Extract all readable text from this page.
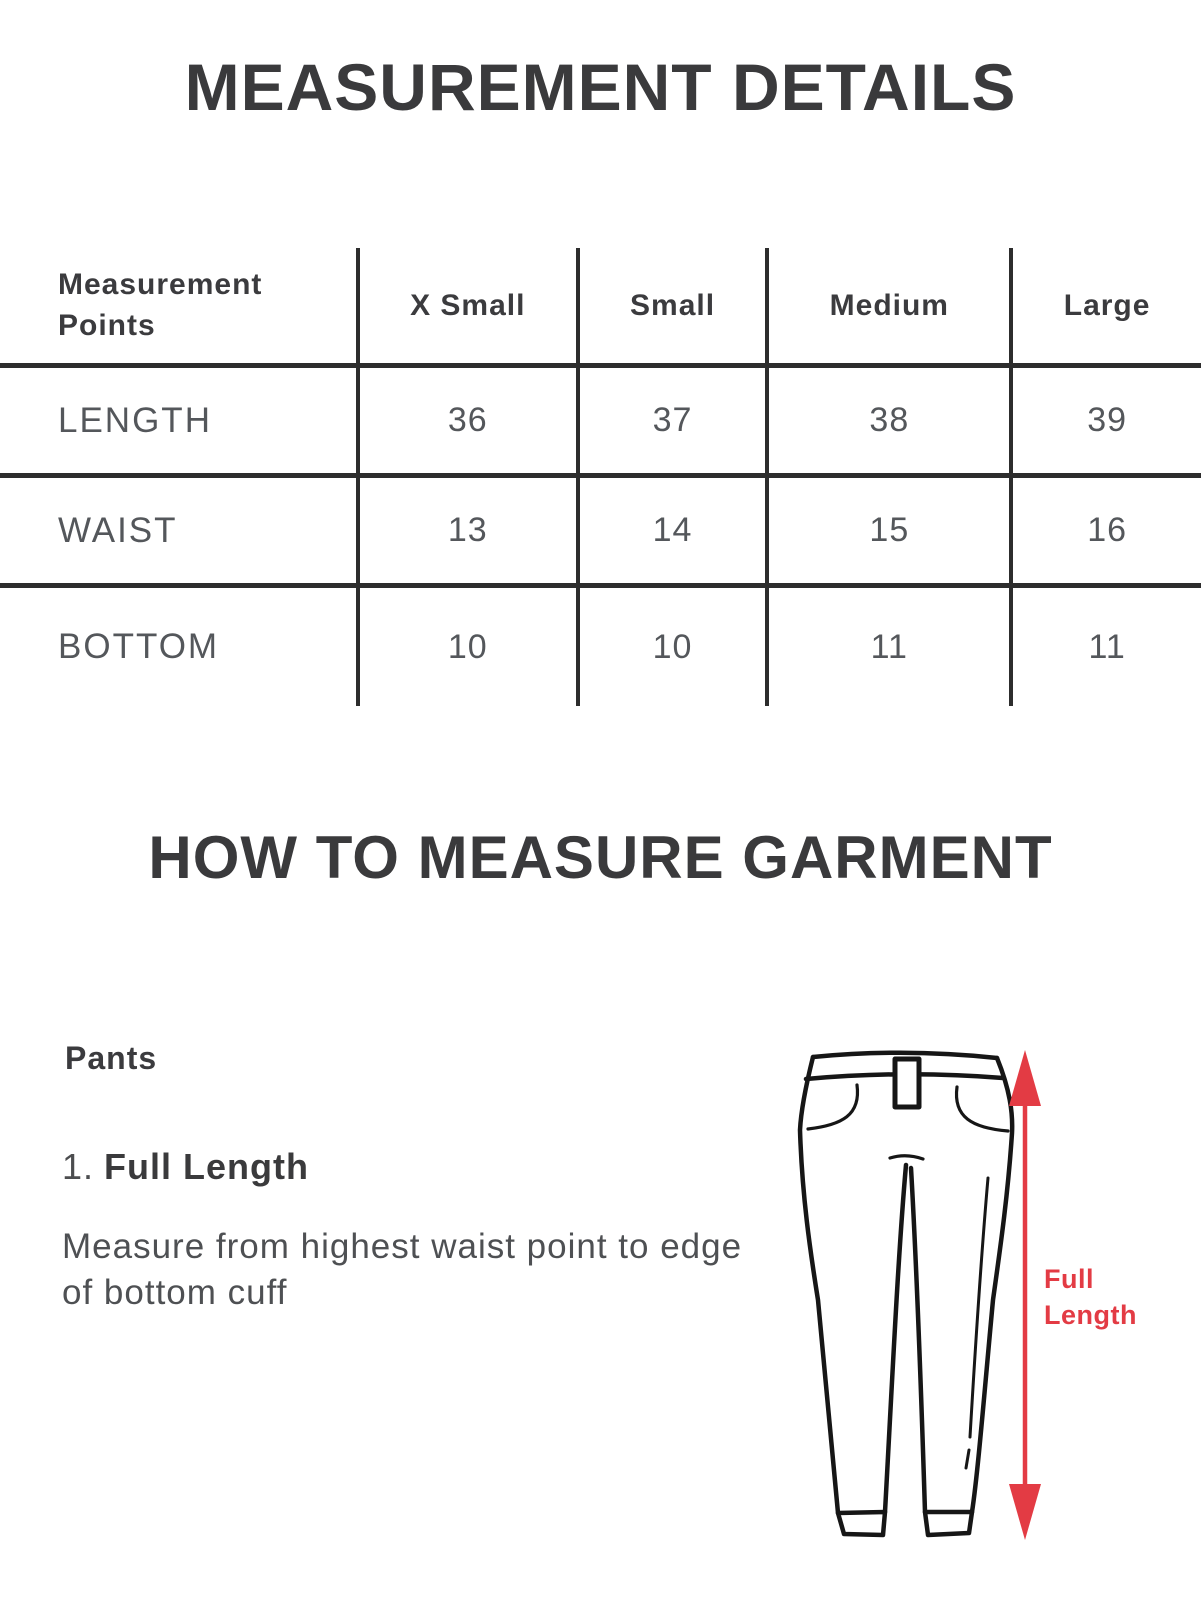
MEASUREMENT DETAILS
Measurement Points	X Small	Small	Medium	Large
LENGTH	36	37	38	39
WAIST	13	14	15	16
BOTTOM	10	10	11	11
HOW TO MEASURE GARMENT
Pants
1. Full Length

Measure from highest waist point to edge of bottom cuff	Full Length
